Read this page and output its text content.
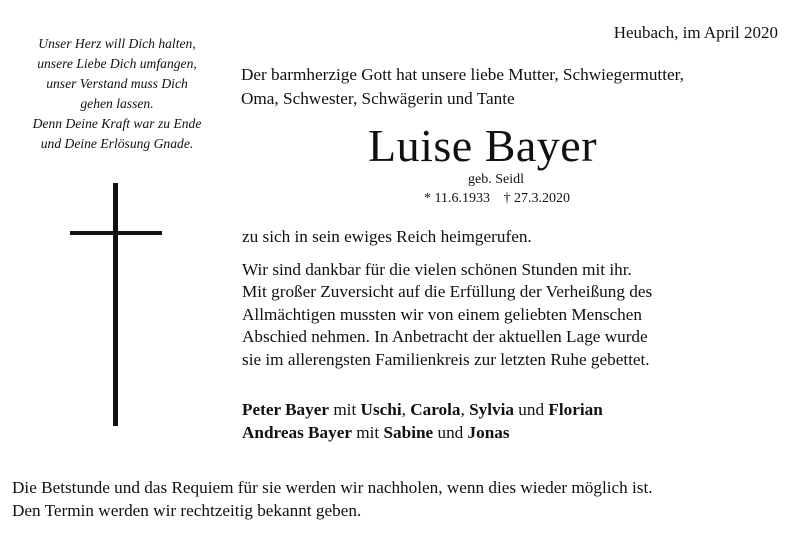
Unser Herz will Dich halten,
unsere Liebe Dich umfangen,
unser Verstand muss Dich
gehen lassen.
Denn Deine Kraft war zu Ende
und Deine Erlösung Gnade.
Heubach, im April 2020
Der barmherzige Gott hat unsere liebe Mutter, Schwiegermutter,
Oma, Schwester, Schwägerin und Tante
Luise Bayer
geb. Seidl
* 11.6.1933 † 27.3.2020
zu sich in sein ewiges Reich heimgerufen.
Wir sind dankbar für die vielen schönen Stunden mit ihr.
Mit großer Zuversicht auf die Erfüllung der Verheißung des
Allmächtigen mussten wir von einem geliebten Menschen
Abschied nehmen. In Anbetracht der aktuellen Lage wurde
sie im allerengsten Familienkreis zur letzten Ruhe gebettet.
Peter Bayer mit Uschi, Carola, Sylvia und Florian
Andreas Bayer mit Sabine und Jonas
Die Betstunde und das Requiem für sie werden wir nachholen, wenn dies wieder möglich ist.
Den Termin werden wir rechtzeitig bekannt geben.
